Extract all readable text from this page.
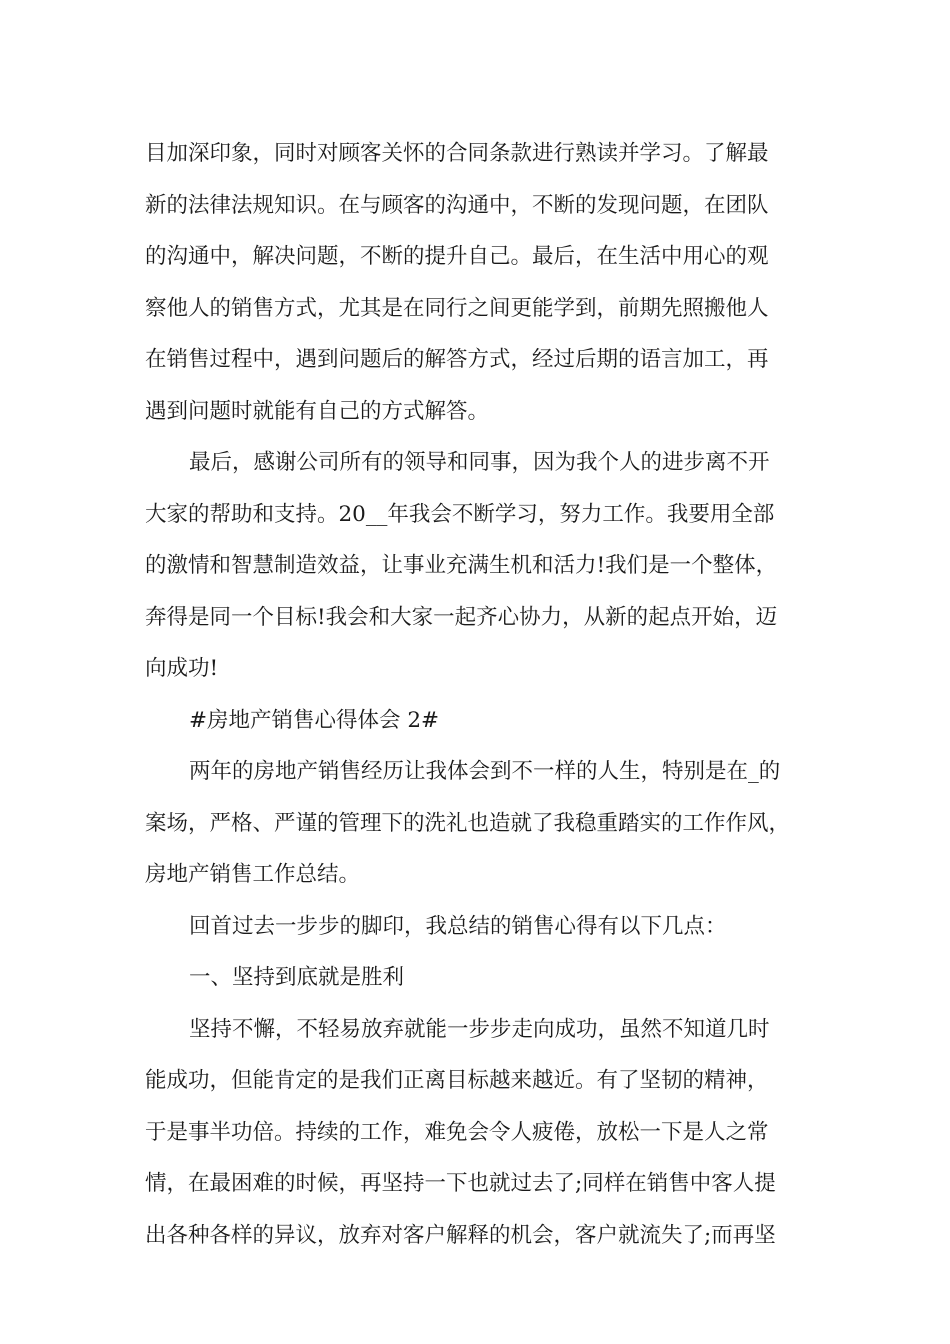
目加深印象，同时对顾客关怀的合同条款进行熟读并学习。了解最
新的法律法规知识。在与顾客的沟通中，不断的发现问题，在团队
的沟通中，解决问题，不断的提升自己。最后，在生活中用心的观
察他人的销售方式，尤其是在同行之间更能学到，前期先照搬他人
在销售过程中，遇到问题后的解答方式，经过后期的语言加工，再
遇到问题时就能有自己的方式解答。
最后，感谢公司所有的领导和同事，因为我个人的进步离不开
大家的帮助和支持。20__年我会不断学习，努力工作。我要用全部
的激情和智慧制造效益，让事业充满生机和活力!我们是一个整体，
奔得是同一个目标!我会和大家一起齐心协力，从新的起点开始，迈
向成功!
#房地产销售心得体会 2#
两年的房地产销售经历让我体会到不一样的人生，特别是在_的
案场，严格、严谨的管理下的洗礼也造就了我稳重踏实的工作作风，
房地产销售工作总结。
回首过去一步步的脚印，我总结的销售心得有以下几点：
一、坚持到底就是胜利
坚持不懈，不轻易放弃就能一步步走向成功，虽然不知道几时
能成功，但能肯定的是我们正离目标越来越近。有了坚韧的精神，
于是事半功倍。持续的工作，难免会令人疲倦，放松一下是人之常
情，在最困难的时候，再坚持一下也就过去了;同样在销售中客人提
出各种各样的异议，放弃对客户解释的机会，客户就流失了;而再坚
